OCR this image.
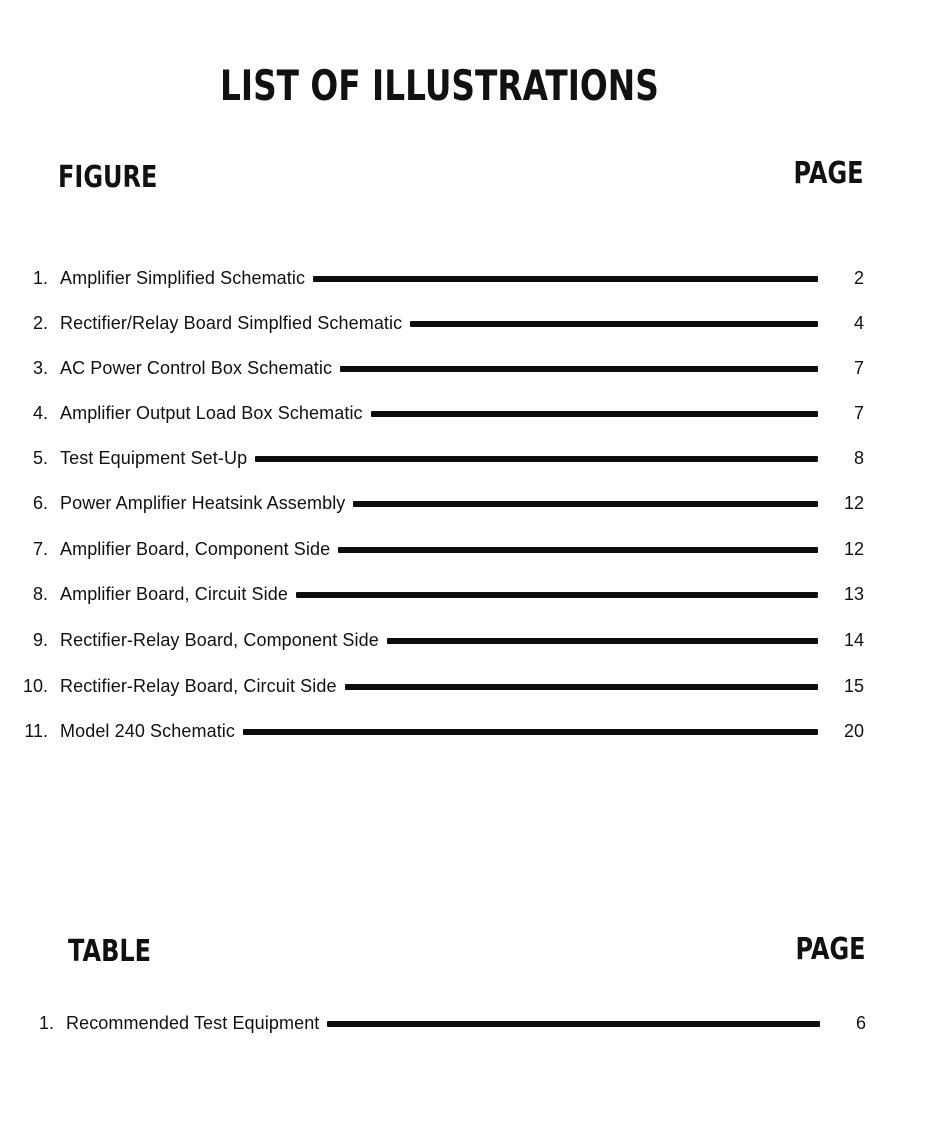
LIST OF ILLUSTRATIONS
FIGURE	PAGE
1. Amplifier Simplified Schematic	2
2. Rectifier/Relay Board Simplfied Schematic	4
3. AC Power Control Box Schematic	7
4. Amplifier Output Load Box Schematic	7
5. Test Equipment Set-Up	8
6. Power Amplifier Heatsink Assembly	12
7. Amplifier Board, Component Side	12
8. Amplifier Board, Circuit Side	13
9. Rectifier-Relay Board, Component Side	14
10. Rectifier-Relay Board, Circuit Side	15
11. Model 240 Schematic	20
TABLE	PAGE
1. Recommended Test Equipment	6
